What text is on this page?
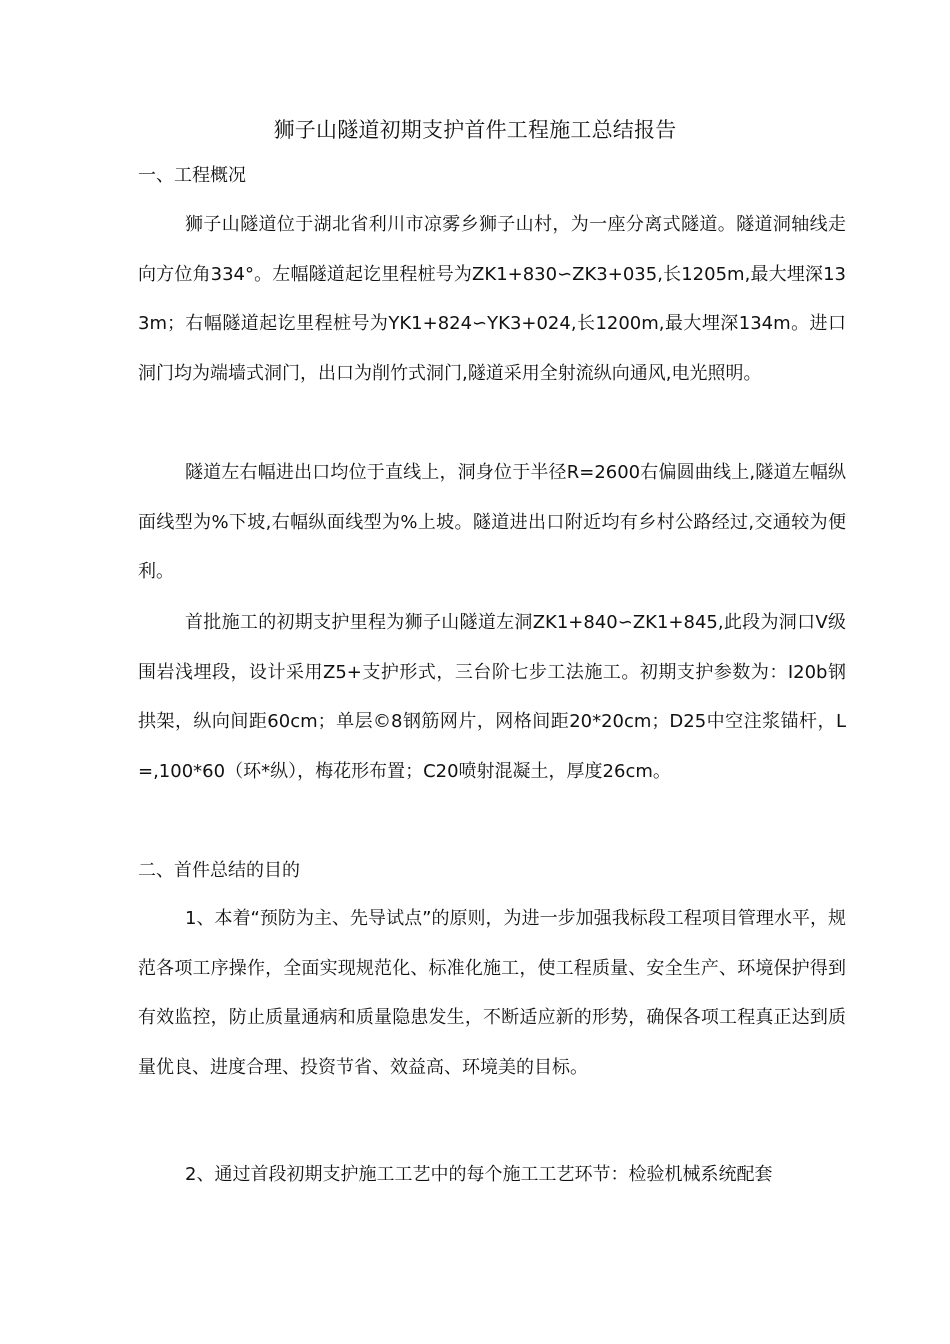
狮子山隧道初期支护首件工程施工总结报告
一、工程概况

狮子山隧道位于湖北省利川市凉雾乡狮子山村，为一座分离式隧道。隧道洞轴线走向方位角334°。左幅隧道起讫里程桩号为ZK1+830∽ZK3+035,长1205m,最大埋深133m；右幅隧道起讫里程桩号为YK1+824∽YK3+024,长1200m,最大埋深134m。进口洞门均为端墙式洞门，出口为削竹式洞门,隧道采用全射流纵向通风,电光照明。

隧道左右幅进出口均位于直线上，洞身位于半径R=2600右偏圆曲线上,隧道左幅纵面线型为%下坡,右幅纵面线型为%上坡。隧道进出口附近均有乡村公路经过,交通较为便利。

首批施工的初期支护里程为狮子山隧道左洞ZK1+840∽ZK1+845,此段为洞口Ⅴ级围岩浅埋段，设计采用Z5+支护形式，三台阶七步工法施工。初期支护参数为：I20b钢拱架，纵向间距60cm；单层©8钢筋网片，网格间距20*20cm；D25中空注浆锚杆，L=,100*60（环*纵），梅花形布置；C20喷射混凝土，厚度26cm。

二、首件总结的目的

1、本着“预防为主、先导试点”的原则，为进一步加强我标段工程项目管理水平，规范各项工序操作，全面实现规范化、标准化施工，使工程质量、安全生产、环境保护得到有效监控，防止质量通病和质量隐患发生，不断适应新的形势，确保各项工程真正达到质量优良、进度合理、投资节省、效益高、环境美的目标。

2、通过首段初期支护施工工艺中的每个施工工艺环节：检验机械系统配套
